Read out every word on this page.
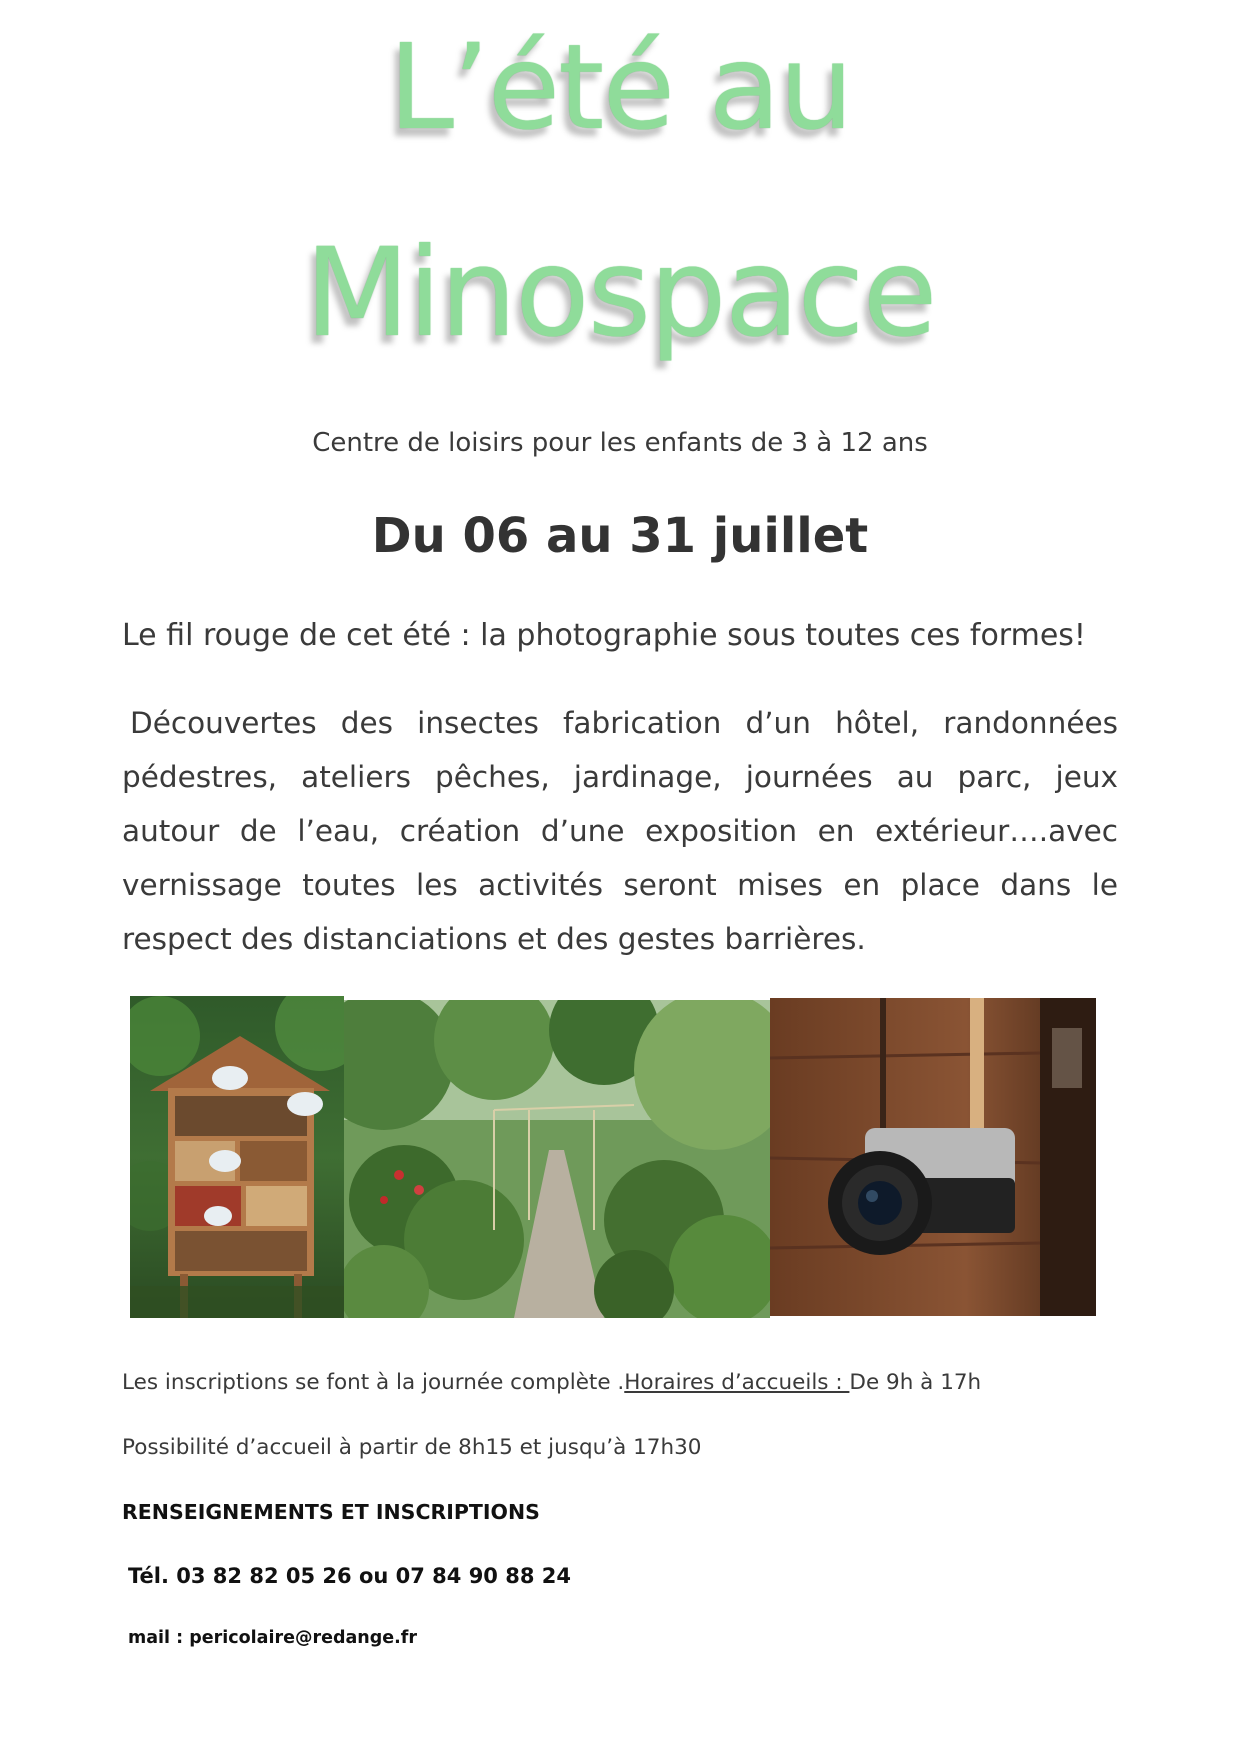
L’été au
Minospace

Centre de loisirs pour les enfants de 3 à 12 ans

Du 06 au 31 juillet

Le fil rouge de cet été : la photographie sous toutes ces formes!

Découvertes des insectes fabrication d’un hôtel, randonnées pédestres, ateliers pêches, jardinage, journées au parc, jeux autour de l’eau, création d’une exposition en extérieur….avec vernissage toutes les activités seront mises en place dans le respect des distanciations et des gestes barrières.

Les inscriptions se font à la journée complète .Horaires d’accueils : De 9h à 17h

Possibilité d’accueil à partir de 8h15 et jusqu’à 17h30

RENSEIGNEMENTS ET INSCRIPTIONS

Tél. 03 82 82 05 26 ou 07 84 90 88 24

mail : pericolaire@redange.fr
